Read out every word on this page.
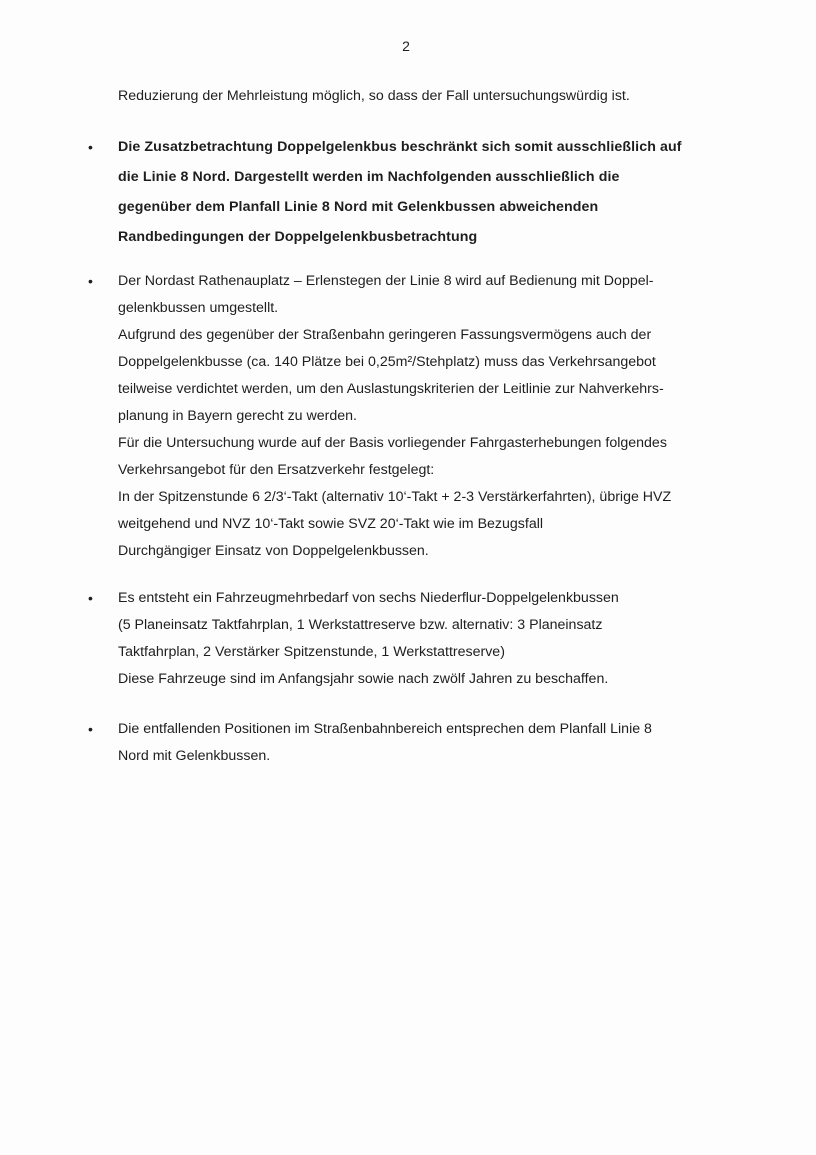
2
Reduzierung der Mehrleistung möglich, so dass der Fall untersuchungswürdig ist.
•	Die Zusatzbetrachtung Doppelgelenkbus beschränkt sich somit ausschließlich auf
die Linie 8 Nord. Dargestellt werden im Nachfolgenden ausschließlich die
gegenüber dem Planfall Linie 8 Nord mit Gelenkbussen abweichenden
Randbedingungen der Doppelgelenkbusbetrachtung
•	Der Nordast Rathenauplatz – Erlenstegen der Linie 8 wird auf Bedienung mit Doppel-
gelenkbussen umgestellt.
Aufgrund des gegenüber der Straßenbahn geringeren Fassungsvermögens auch der
Doppelgelenkbusse (ca. 140 Plätze bei 0,25m²/Stehplatz) muss das Verkehrsangebot
teilweise verdichtet werden, um den Auslastungskriterien der Leitlinie zur Nahverkehrs-
planung in Bayern gerecht zu werden.
Für die Untersuchung wurde auf der Basis vorliegender Fahrgasterhebungen folgendes
Verkehrsangebot für den Ersatzverkehr festgelegt:
In der Spitzenstunde 6 2/3‘-Takt (alternativ 10‘-Takt + 2-3 Verstärkerfahrten), übrige HVZ
weitgehend und NVZ 10‘-Takt sowie SVZ 20‘-Takt wie im Bezugsfall
Durchgängiger Einsatz von Doppelgelenkbussen.
•	Es entsteht ein Fahrzeugmehrbedarf von sechs Niederflur-Doppelgelenkbussen
(5 Planeinsatz Taktfahrplan, 1 Werkstattreserve bzw. alternativ: 3 Planeinsatz
Taktfahrplan, 2 Verstärker Spitzenstunde, 1 Werkstattreserve)
Diese Fahrzeuge sind im Anfangsjahr sowie nach zwölf Jahren zu beschaffen.
•	Die entfallenden Positionen im Straßenbahnbereich entsprechen dem Planfall Linie 8
Nord mit Gelenkbussen.
